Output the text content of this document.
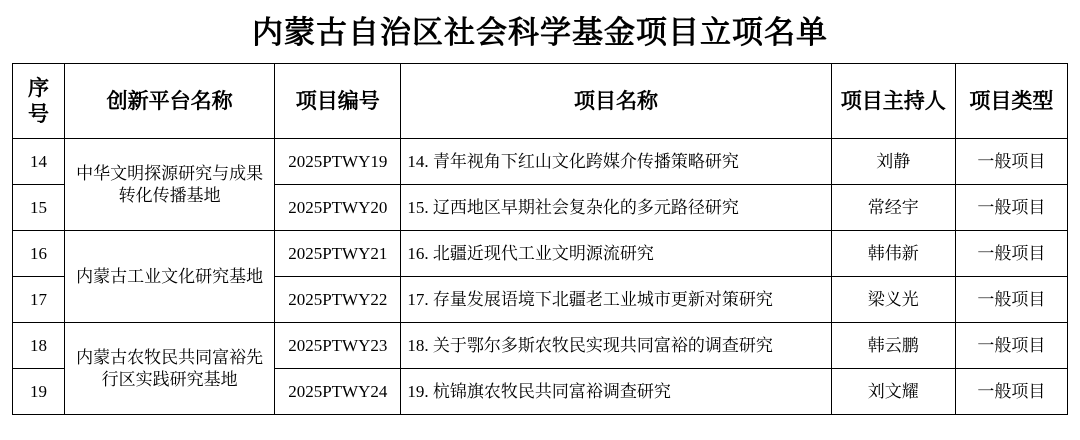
内蒙古自治区社会科学基金项目立项名单
序号	创新平台名称	项目编号	项目名称	项目主持人	项目类型
14	中华文明探源研究与成果转化传播基地	2025PTWY19	14. 青年视角下红山文化跨媒介传播策略研究	刘静	一般项目
15		2025PTWY20	15. 辽西地区早期社会复杂化的多元路径研究	常经宇	一般项目
16	内蒙古工业文化研究基地	2025PTWY21	16. 北疆近现代工业文明源流研究	韩伟新	一般项目
17		2025PTWY22	17. 存量发展语境下北疆老工业城市更新对策研究	梁义光	一般项目
18	内蒙古农牧民共同富裕先行区实践研究基地	2025PTWY23	18. 关于鄂尔多斯农牧民实现共同富裕的调查研究	韩云鹏	一般项目
19		2025PTWY24	19. 杭锦旗农牧民共同富裕调查研究	刘文耀	一般项目
